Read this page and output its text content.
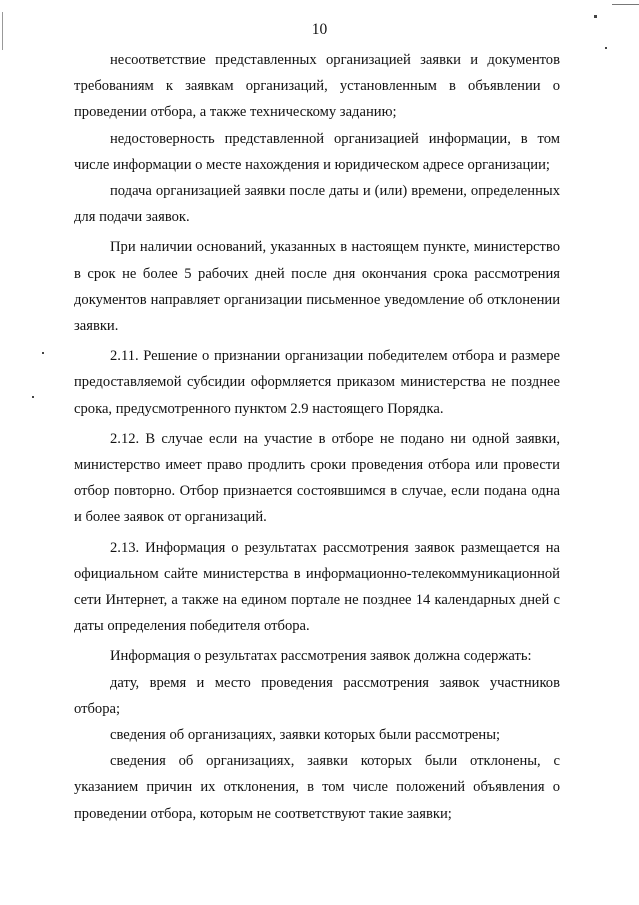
10

несоответствие представленных организацией заявки и документов требованиям к заявкам организаций, установленным в объявлении о проведении отбора, а также техническому заданию;

недостоверность представленной организацией информации, в том числе информации о месте нахождения и юридическом адресе организации;

подача организацией заявки после даты и (или) времени, определенных для подачи заявок.

При наличии оснований, указанных в настоящем пункте, министерство в срок не более 5 рабочих дней после дня окончания срока рассмотрения документов направляет организации письменное уведомление об отклонении заявки.

2.11. Решение о признании организации победителем отбора и размере предоставляемой субсидии оформляется приказом министерства не позднее срока, предусмотренного пунктом 2.9 настоящего Порядка.

2.12. В случае если на участие в отборе не подано ни одной заявки, министерство имеет право продлить сроки проведения отбора или провести отбор повторно. Отбор признается состоявшимся в случае, если подана одна и более заявок от организаций.

2.13. Информация о результатах рассмотрения заявок размещается на официальном сайте министерства в информационно-телекоммуникационной сети Интернет, а также на едином портале не позднее 14 календарных дней с даты определения победителя отбора.

Информация о результатах рассмотрения заявок должна содержать:

дату, время и место проведения рассмотрения заявок участников отбора;

сведения об организациях, заявки которых были рассмотрены;

сведения об организациях, заявки которых были отклонены, с указанием причин их отклонения, в том числе положений объявления о проведении отбора, которым не соответствуют такие заявки;
